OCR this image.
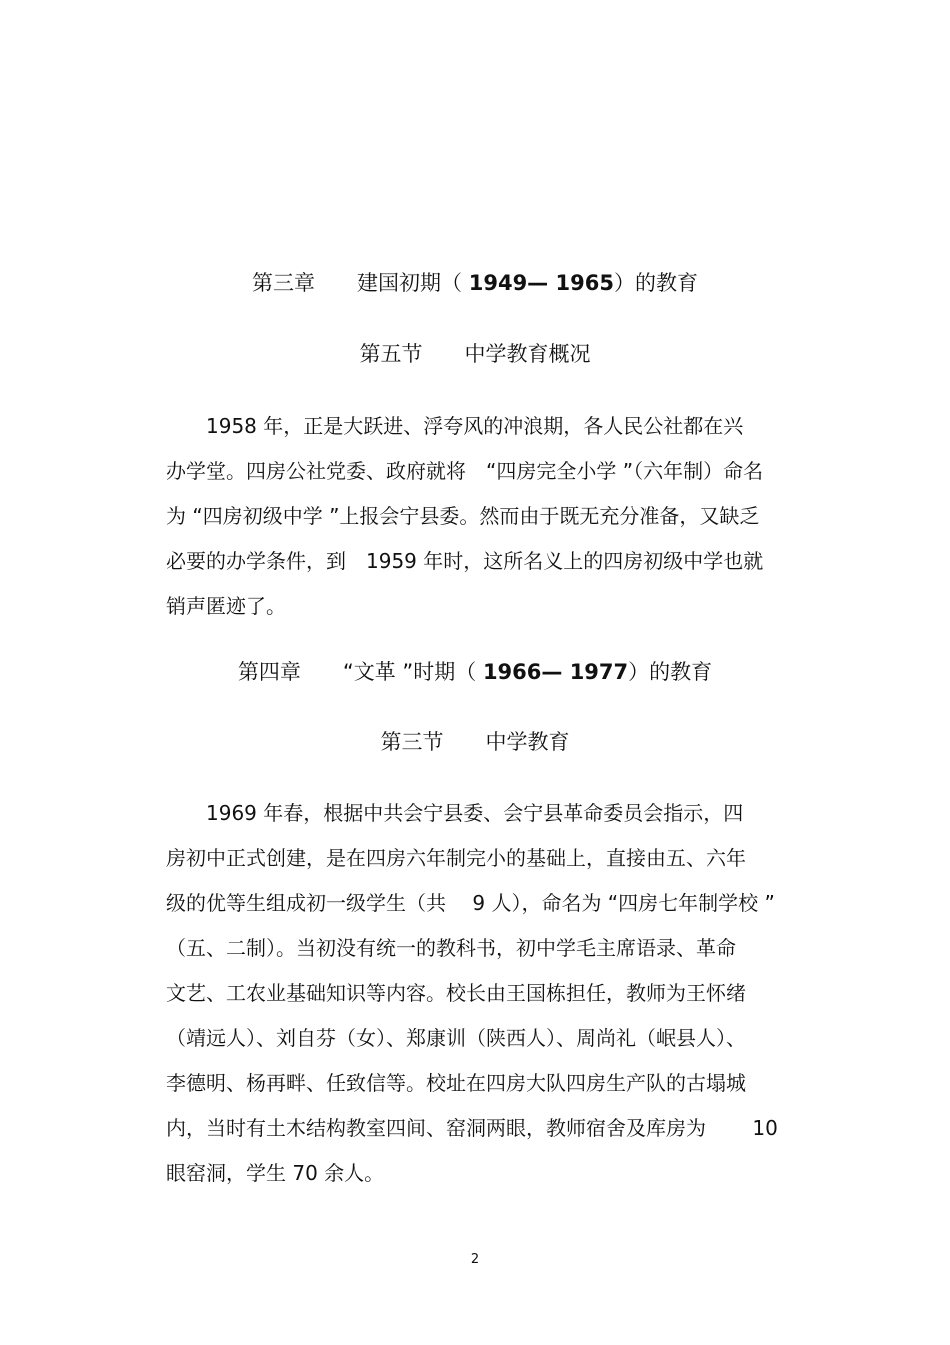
第三章　　建国初期（ 1949— 1965）的教育
第五节　　中学教育概况
　　1958 年，正是大跃进、浮夸风的冲浪期，各人民公社都在兴
办学堂。四房公社党委、政府就将　“四房完全小学 ”（六年制）命名
为 “四房初级中学 ”上报会宁县委。然而由于既无充分准备，又缺乏
必要的办学条件，到　1959 年时，这所名义上的四房初级中学也就
销声匿迹了。
第四章　　“文革 ”时期（ 1966— 1977）的教育
第三节　　中学教育
　　1969 年春，根据中共会宁县委、会宁县革命委员会指示，四
房初中正式创建，是在四房六年制完小的基础上，直接由五、六年
级的优等生组成初一级学生（共　 9 人），命名为 “四房七年制学校 ”
（五、二制）。当初没有统一的教科书，初中学毛主席语录、革命
文艺、工农业基础知识等内容。校长由王国栋担任，教师为王怀绪
（靖远人）、刘自芬（女）、郑康训（陕西人）、周尚礼（岷县人）、
李德明、杨再畔、任致信等。校址在四房大队四房生产队的古塌城
内，当时有土木结构教室四间、窑洞两眼，教师宿舍及库房为　　 10
眼窑洞，学生 70 余人。
2
